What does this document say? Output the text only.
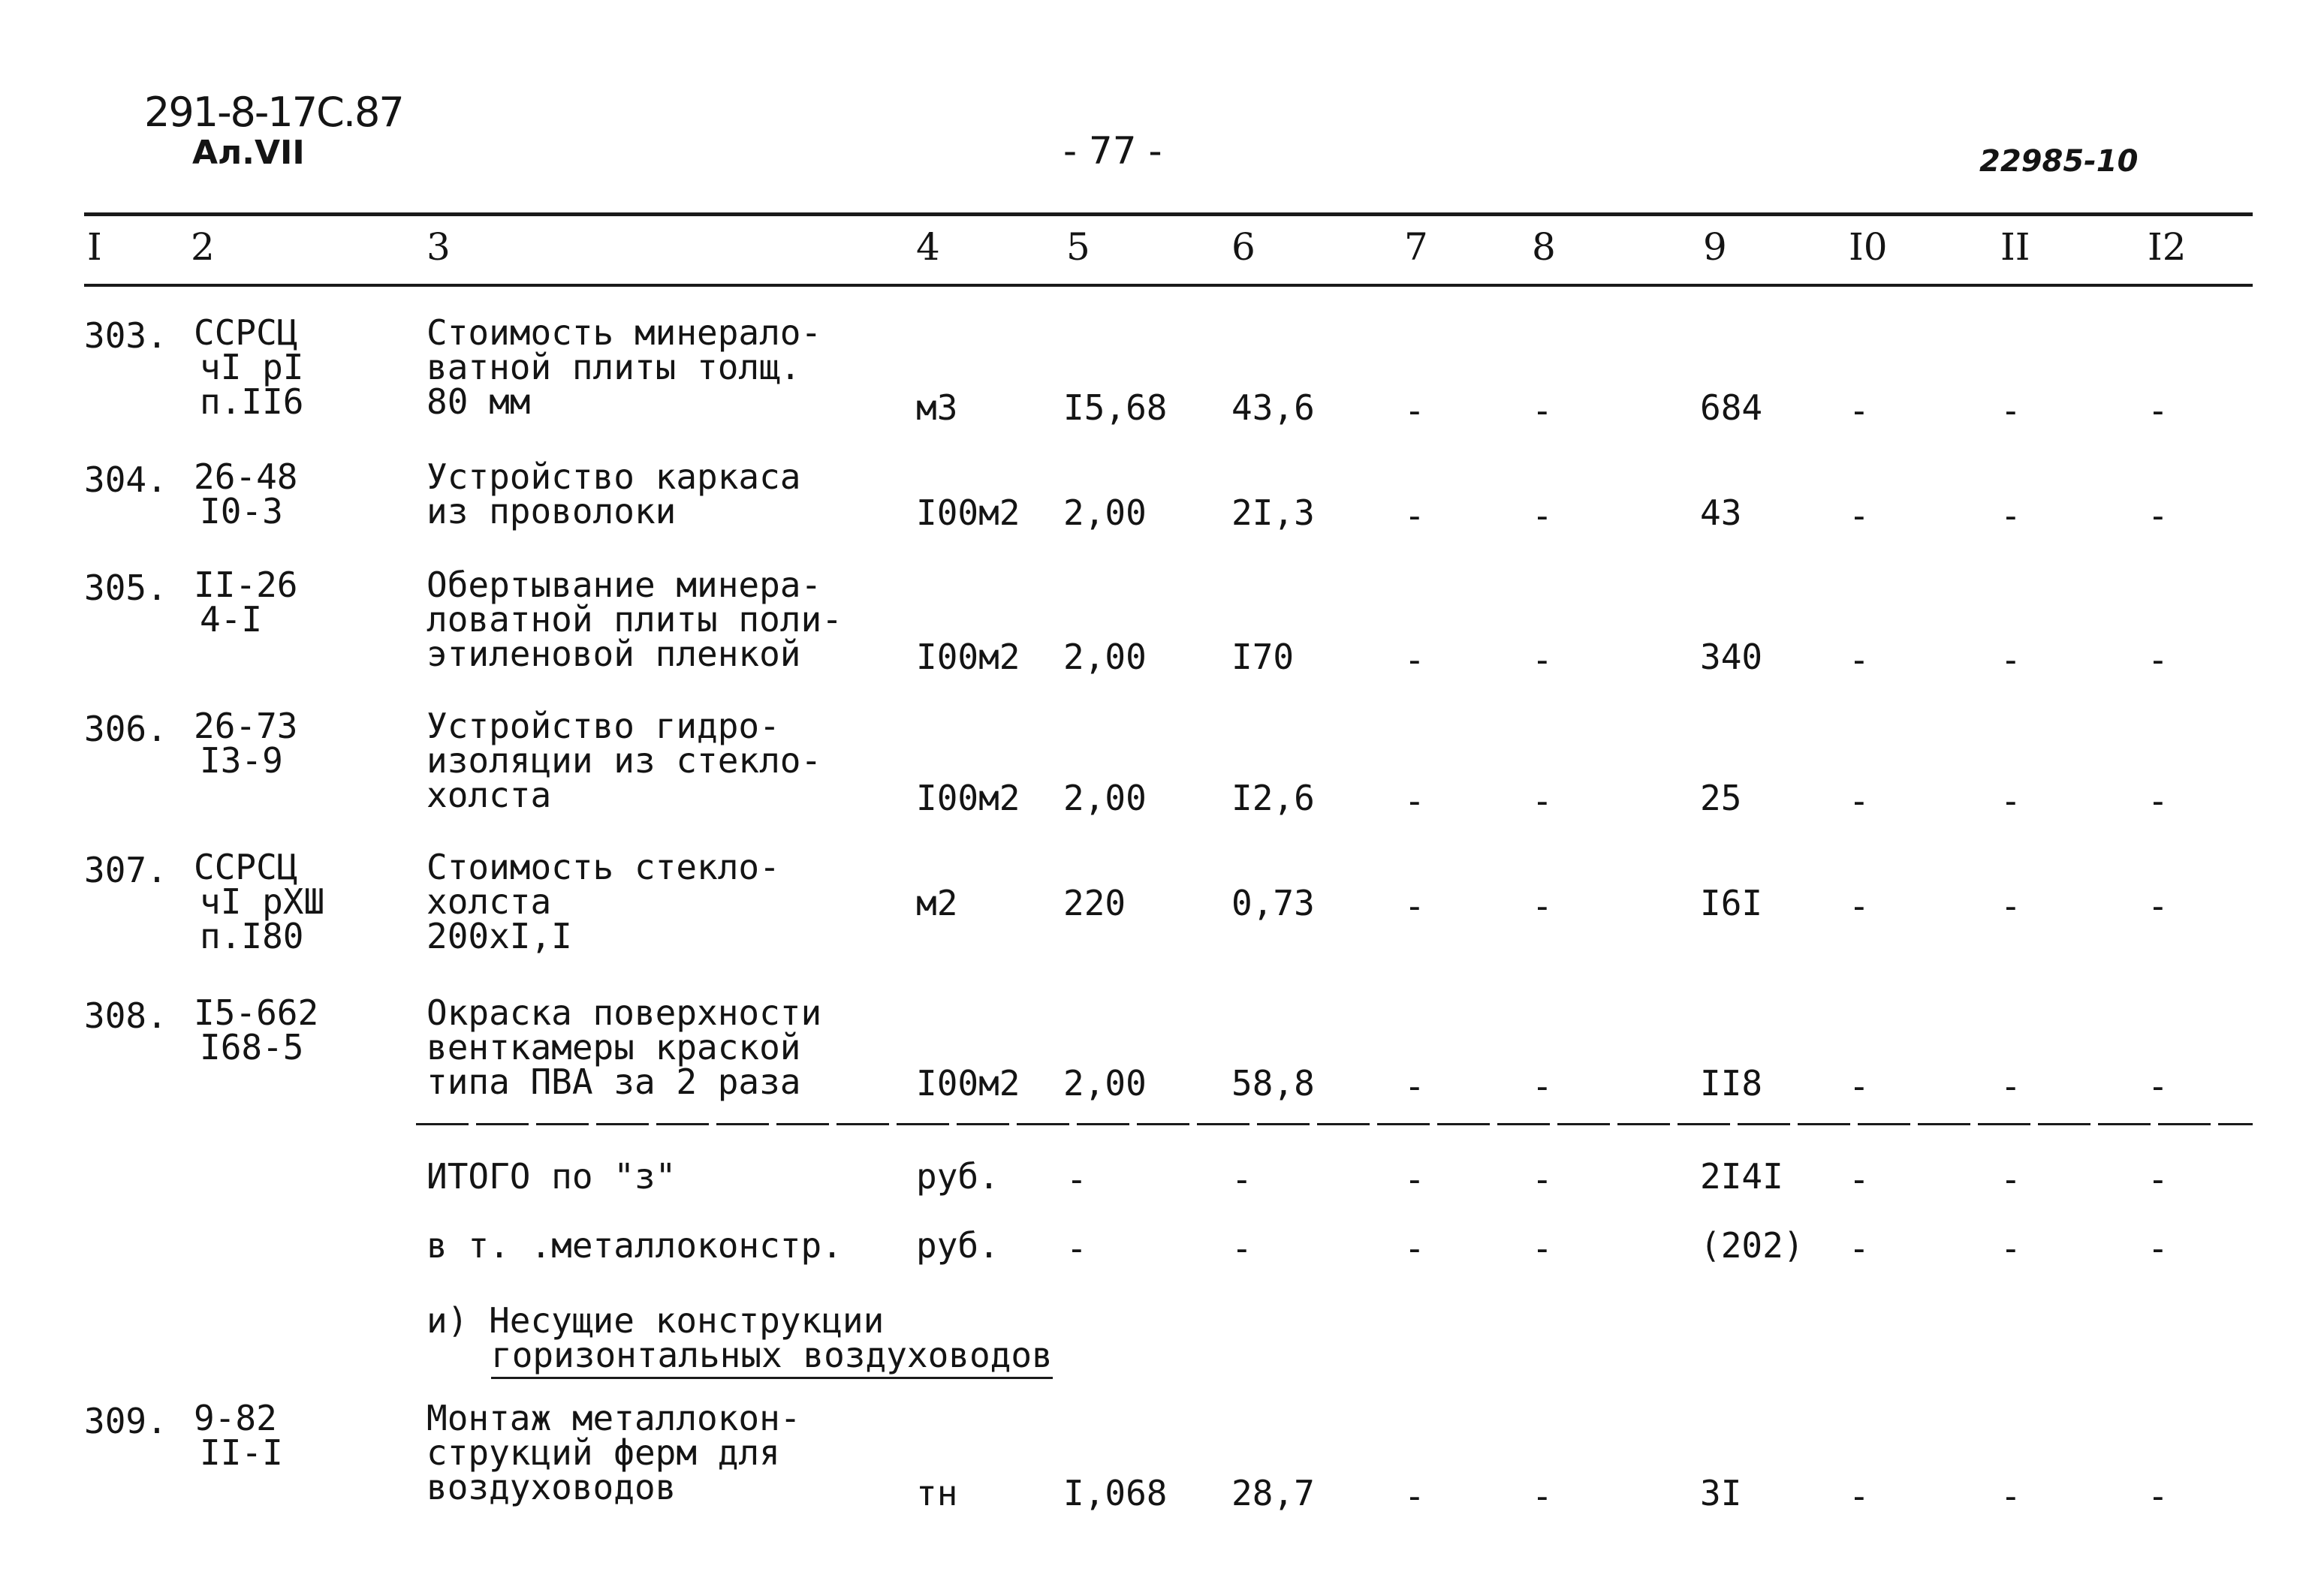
291-8-17C.87
Ал.VII	- 77 -	22985-10
I 2	3	4	5	6	7	8	9	I0	II	I2
303. ССРСЦ
чI pI
п.II6
Стоимость минерало-
ватной плиты толщ.
80 мм	м3	I5,68 43,6	-	-	684 -	-	-
304. 26-48
I0-3
Устройство каркаса
из проволоки	I00м2 2,00 2I,3	-	-	43	-	-	-
305. II-26
4-I
Обертывание минера-
ловатной плиты поли-
этиленовой пленкой	I00м2 2,00 I70	-	-	340 -	-	-
306. 26-73
I3-9
Устройство гидро-
изоляции из стекло-
холста	I00м2 2,00 I2,6	-	-	25	-	-	-
307. ССРСЦ
чI pXШ
п.I80
Стоимость стекло-
холста
200xI,I
м2	220	0,73	-	-	I6I -	-	-
308. I5-662
I68-5
Окраска поверхности
венткамеры краской
типа ПВА за 2 раза	I00м2 2,00 58,8	-	-	II8 -	-	-
ИТОГО по "з"	руб. -	-	-	-	2I4I -	-	-
в т. .металлоконстр. руб. -	-	-	-	(202) -	-	-
и) Несущие конструкции
горизонтальных воздуховодов
309. 9-82
II-I
Монтаж металлокон-
струкций ферм для
воздуховодов	тн	I,068 28,7	-	-	3I	-	-	-
